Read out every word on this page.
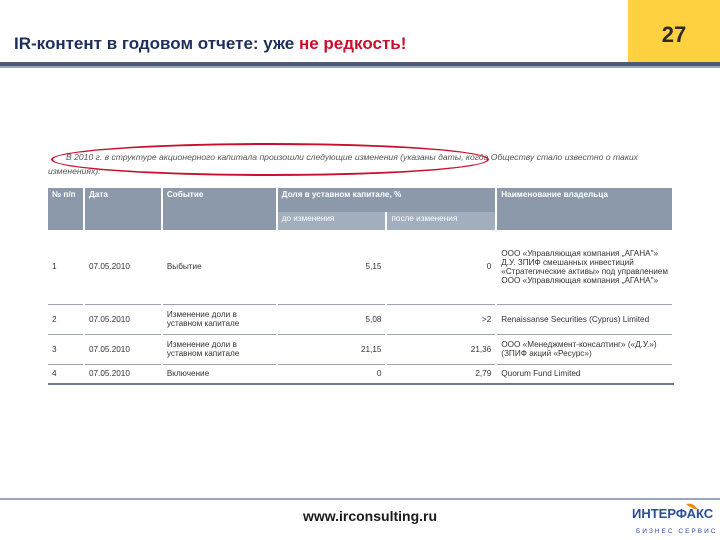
IR-контент в годовом отчете: уже не редкость!	27
В 2010 г. в структуре акционерного капитала произошли следующие изменения (указаны даты, когда Обществу стало известно о таких изменениях):
№ п/п	Дата	Событие	Доля в уставном капитале, %		Наименование владельца
			до изменения	после изменения	
1	07.05.2010	Выбытие	5,15	0	ООО «Управляющая компания „АГАНА"» Д.У. ЗПИФ смешанных инвестиций «Стратегические активы» под управлением ООО «Управляющая компания „АГАНА"»
2	07.05.2010	Изменение доли в уставном капитале	5,08	>2	Renaissanse Securities (Cyprus) Limited
3	07.05.2010	Изменение доли в уставном капитале	21,15	21,36	ООО «Менеджмент-консалтинг» («Д.У.») (ЗПИФ акций «Ресурс»)
4	07.05.2010	Включение	0	2,79	Quorum Fund Limited
www.irconsulting.ru	ИНТЕРФАКС
БИЗНЕС СЕРВИС
